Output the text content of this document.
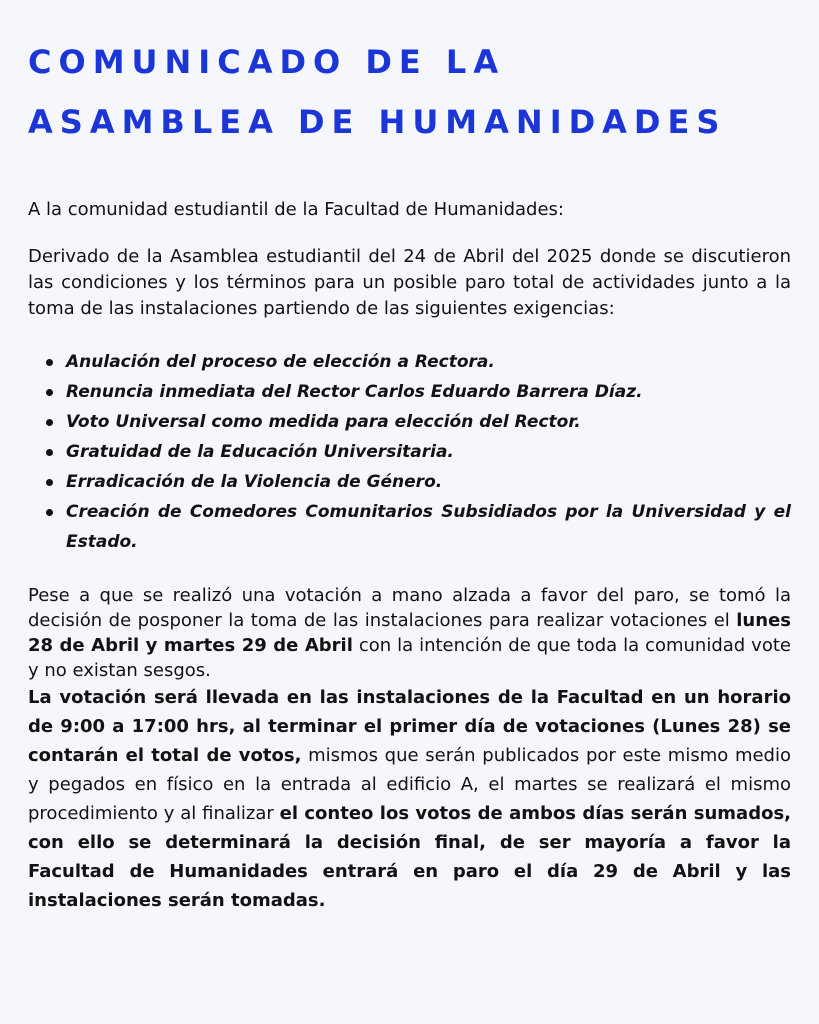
COMUNICADO DE LA
ASAMBLEA DE HUMANIDADES

A la comunidad estudiantil de la Facultad de Humanidades:

Derivado de la Asamblea estudiantil del 24 de Abril del 2025 donde se discutieron las condiciones y los términos para un posible paro total de actividades junto a la toma de las instalaciones partiendo de las siguientes exigencias:

Anulación del proceso de elección a Rectora.
Renuncia inmediata del Rector Carlos Eduardo Barrera Díaz.
Voto Universal como medida para elección del Rector.
Gratuidad de la Educación Universitaria.
Erradicación de la Violencia de Género.
Creación de Comedores Comunitarios Subsidiados por la Universidad y el Estado.

Pese a que se realizó una votación a mano alzada a favor del paro, se tomó la decisión de posponer la toma de las instalaciones para realizar votaciones el lunes 28 de Abril y martes 29 de Abril con la intención de que toda la comunidad vote y no existan sesgos.

La votación será llevada en las instalaciones de la Facultad en un horario de 9:00 a 17:00 hrs, al terminar el primer día de votaciones (Lunes 28) se contarán el total de votos, mismos que serán publicados por este mismo medio y pegados en físico en la entrada al edificio A, el martes se realizará el mismo procedimiento y al finalizar el conteo los votos de ambos días serán sumados, con ello se determinará la decisión final, de ser mayoría a favor la Facultad de Humanidades entrará en paro el día 29 de Abril y las instalaciones serán tomadas.
